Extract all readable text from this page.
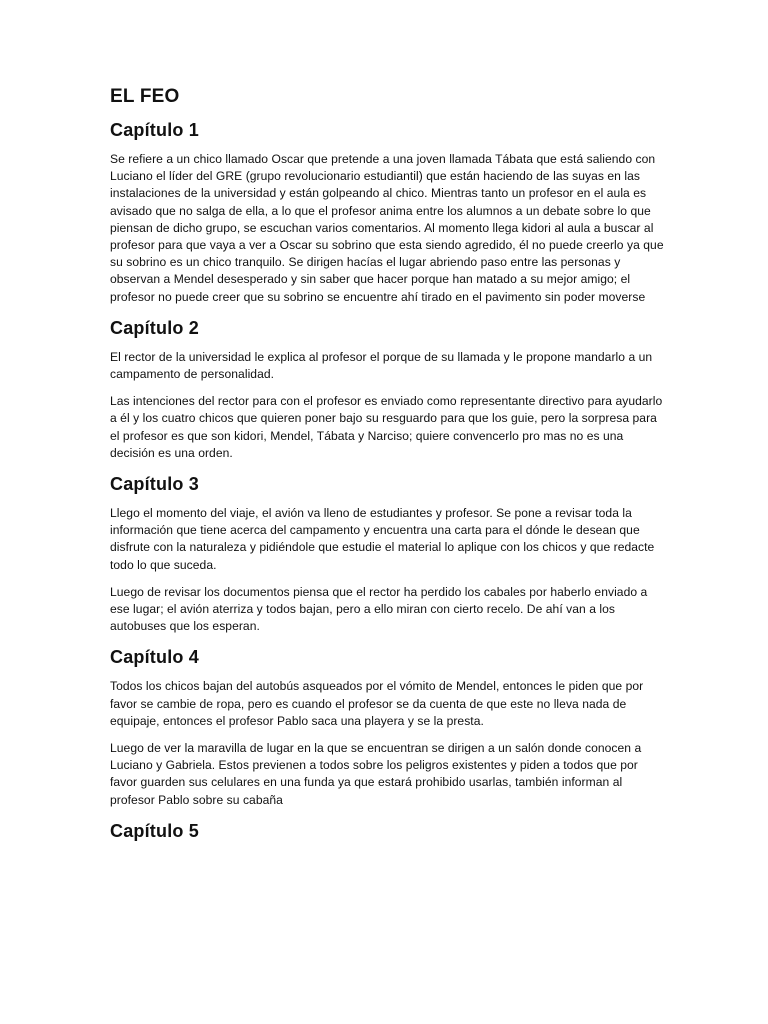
EL FEO
Capítulo 1

Se refiere a un chico llamado Oscar que pretende a una joven llamada Tábata que está saliendo con Luciano el líder del GRE (grupo revolucionario estudiantil) que están haciendo de las suyas en las instalaciones de la universidad y están golpeando al chico. Mientras tanto un profesor en el aula es avisado que no salga de ella, a lo que el profesor anima entre los alumnos a un debate sobre lo que piensan de dicho grupo, se escuchan varios comentarios. Al momento llega kidori al aula a buscar al profesor para que vaya a ver a Oscar su sobrino que esta siendo agredido, él no puede creerlo ya que su sobrino es un chico tranquilo. Se dirigen hacías el lugar abriendo paso entre las personas y observan a Mendel desesperado y sin saber que hacer porque han matado a su mejor amigo; el profesor no puede creer que su sobrino se encuentre ahí tirado en el pavimento sin poder moverse

Capítulo 2

El rector de la universidad le explica al profesor el porque de su llamada y le propone mandarlo a un campamento de personalidad.

Las intenciones del rector para con el profesor es enviado como representante directivo para ayudarlo a él y los cuatro chicos que quieren poner bajo su resguardo para que los guie, pero la sorpresa para el profesor es que son kidori, Mendel, Tábata y Narciso; quiere convencerlo pro mas no es una decisión es una orden.

Capítulo 3

Llego el momento del viaje, el avión va lleno de estudiantes y profesor. Se pone a revisar toda la información que tiene acerca del campamento y encuentra una carta para el dónde le desean que disfrute con la naturaleza y pidiéndole que estudie el material lo aplique con los chicos y que redacte todo lo que suceda.

Luego de revisar los documentos piensa que el rector ha perdido los cabales por haberlo enviado a ese lugar; el avión aterriza y todos bajan, pero a ello miran con cierto recelo. De ahí van a los autobuses que los esperan.

Capítulo 4

Todos los chicos bajan del autobús asqueados por el vómito de Mendel, entonces le piden que por favor se cambie de ropa, pero es cuando el profesor se da cuenta de que este no lleva nada de equipaje, entonces el profesor Pablo saca una playera y se la presta.

Luego de ver la maravilla de lugar en la que se encuentran se dirigen a un salón donde conocen a Luciano y Gabriela. Estos previenen a todos sobre los peligros existentes y piden a todos que por favor guarden sus celulares en una funda ya que estará prohibido usarlas, también informan al profesor Pablo sobre su cabaña

Capítulo 5
